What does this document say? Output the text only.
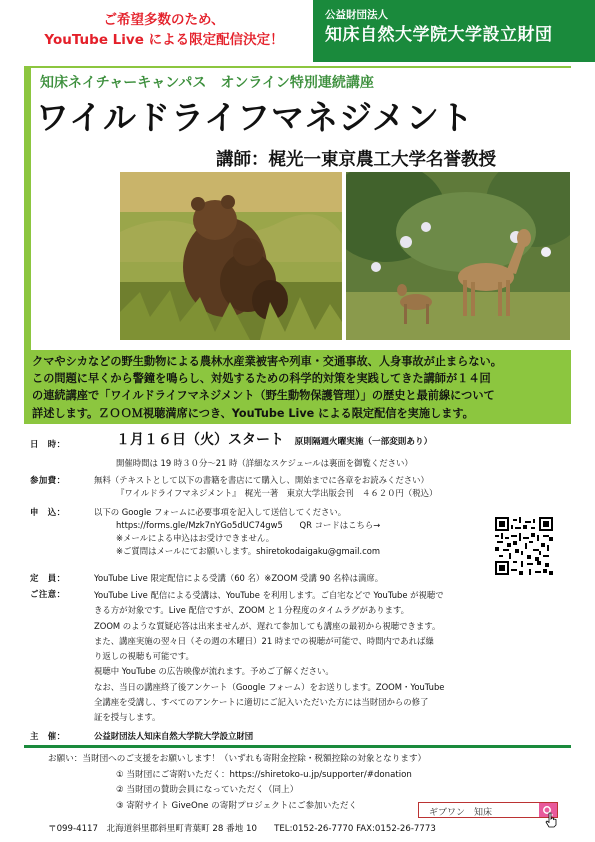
ご希望多数のため、
YouTube Live による限定配信決定！
公益財団法人
知床自然大学院大学設立財団
知床ネイチャーキャンパス　オンライン特別連続講座
ワイルドライフマネジメント
講師：梶光一東京農工大学名誉教授
クマやシカなどの野生動物による農林水産業被害や列車・交通事故、人身事故が止まらない。
この問題に早くから警鐘を鳴らし、対処するための科学的対策を実践してきた講師が１４回
の連続講座で「ワイルドライフマネジメント（野生動物保護管理）」の歴史と最前線について
詳述します。ＺＯＯＭ視聴満席につき、YouTube Live による限定配信を実施します。
日　時：	１月１６日（火）スタート 原則隔週火曜実施（一部変則あり）
開催時間は 19 時３０分～21 時（詳細なスケジュールは裏面を御覧ください）
参加費：	無料（テキストとして以下の書籍を書店にて購入し、開始までに各章をお読みください）
『ワイルドライフマネジメント』　梶光一著　東京大学出版会刊　４６２０円（税込）
申　込：	以下の Google フォームに必要事項を記入して送信してください。
https://forms.gle/Mzk7nYGo5dUC74gw5　　QR コードはこちら→
※メールによる申込はお受けできません。
※ご質問はメールにてお願いします。shiretokodaigaku@gmail.com
定　員：	YouTube Live 限定配信による受講（60 名）※ZOOM 受講 90 名枠は満席。
ご注意：	YouTube Live 配信による受講は、YouTube を利用します。ご自宅などで YouTube が視聴で
きる方が対象です。Live 配信ですが、ZOOM と１分程度のタイムラグがあります。
ZOOM のような質疑応答は出来ませんが、遅れて参加しても講座の最初から視聴できます。
また、講座実施の翌々日（その週の木曜日）21 時までの視聴が可能で、時間内であれば繰
り返しの視聴も可能です。
視聴中 YouTube の広告映像が流れます。予めご了解ください。
なお、当日の講座終了後アンケート（Google フォーム）をお送りします。ZOOM・YouTube
全講座を受講し、すべてのアンケートに適切にご記入いただいた方には当財団からの修了
証を授与します。
主　催：	公益財団法人知床自然大学院大学設立財団
お願い：当財団へのご支援をお願いします！（いずれも寄附金控除・税額控除の対象となります）
① 当財団にご寄附いただく：https://shiretoko-u.jp/supporter/#donation
② 当財団の賛助会員になっていただく（同上）
③ 寄附サイト GiveOne の寄附プロジェクトにご参加いただく
ギブワン　知床
〒099-4117　北海道斜里郡斜里町青葉町 28 番地 10　　TEL:0152-26-7770 FAX:0152-26-7773
